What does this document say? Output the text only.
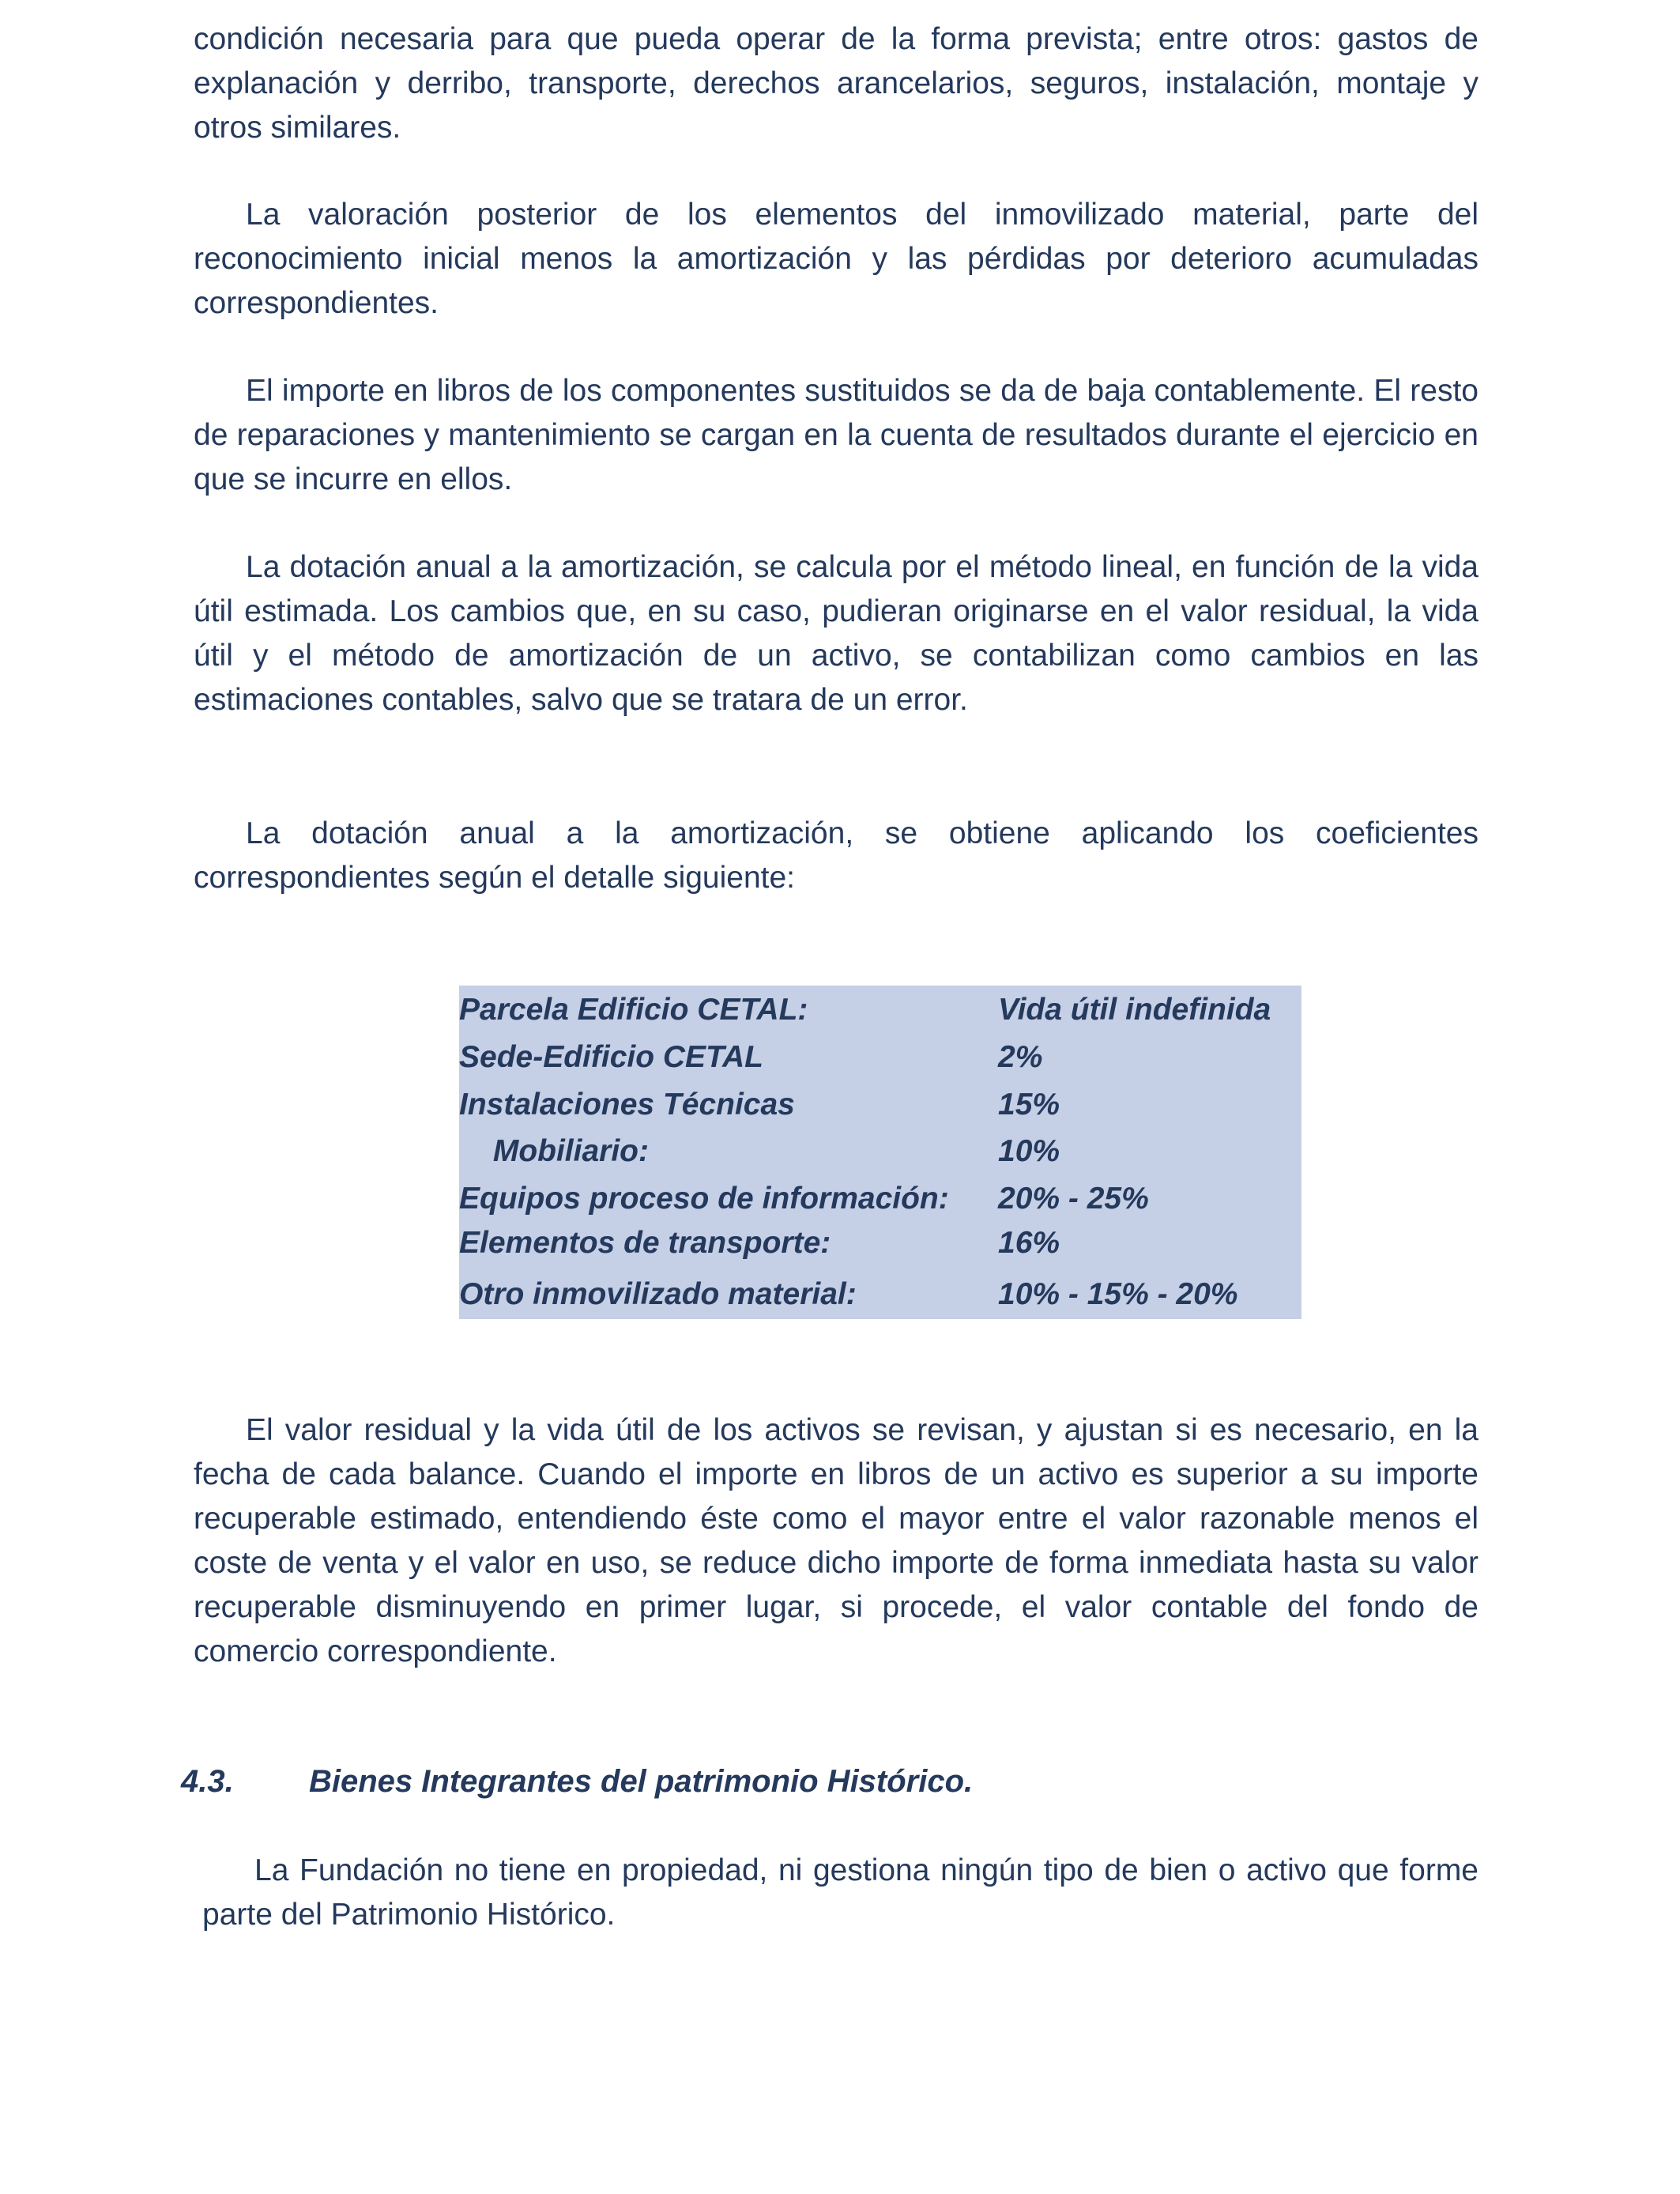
condición necesaria para que pueda operar de la forma prevista; entre otros: gastos de explanación y derribo, transporte, derechos arancelarios, seguros, instalación, montaje y otros similares.

La valoración posterior de los elementos del inmovilizado material, parte del reconocimiento inicial menos la amortización y las pérdidas por deterioro acumuladas correspondientes.

El importe en libros de los componentes sustituidos se da de baja contablemente. El resto de reparaciones y mantenimiento se cargan en la cuenta de resultados durante el ejercicio en que se incurre en ellos.

La dotación anual a la amortización, se calcula por el método lineal, en función de la vida útil estimada. Los cambios que, en su caso, pudieran originarse en el valor residual, la vida útil y el método de amortización de un activo, se contabilizan como cambios en las estimaciones contables, salvo que se tratara de un error.

La dotación anual a la amortización, se obtiene aplicando los coeficientes correspondientes según el detalle siguiente:

Parcela Edificio CETAL:	Vida útil indefinida
Sede-Edificio CETAL	2%
Instalaciones Técnicas	15%
Mobiliario:	10%
Equipos proceso de información: 20% - 25%
Elementos de transporte:	16%
Otro inmovilizado material:	10% - 15% - 20%

El valor residual y la vida útil de los activos se revisan, y ajustan si es necesario, en la fecha de cada balance. Cuando el importe en libros de un activo es superior a su importe recuperable estimado, entendiendo éste como el mayor entre el valor razonable menos el coste de venta y el valor en uso, se reduce dicho importe de forma inmediata hasta su valor recuperable disminuyendo en primer lugar, si procede, el valor contable del fondo de comercio correspondiente.

4.3. Bienes Integrantes del patrimonio Histórico.

La Fundación no tiene en propiedad, ni gestiona ningún tipo de bien o activo que forme parte del Patrimonio Histórico.
